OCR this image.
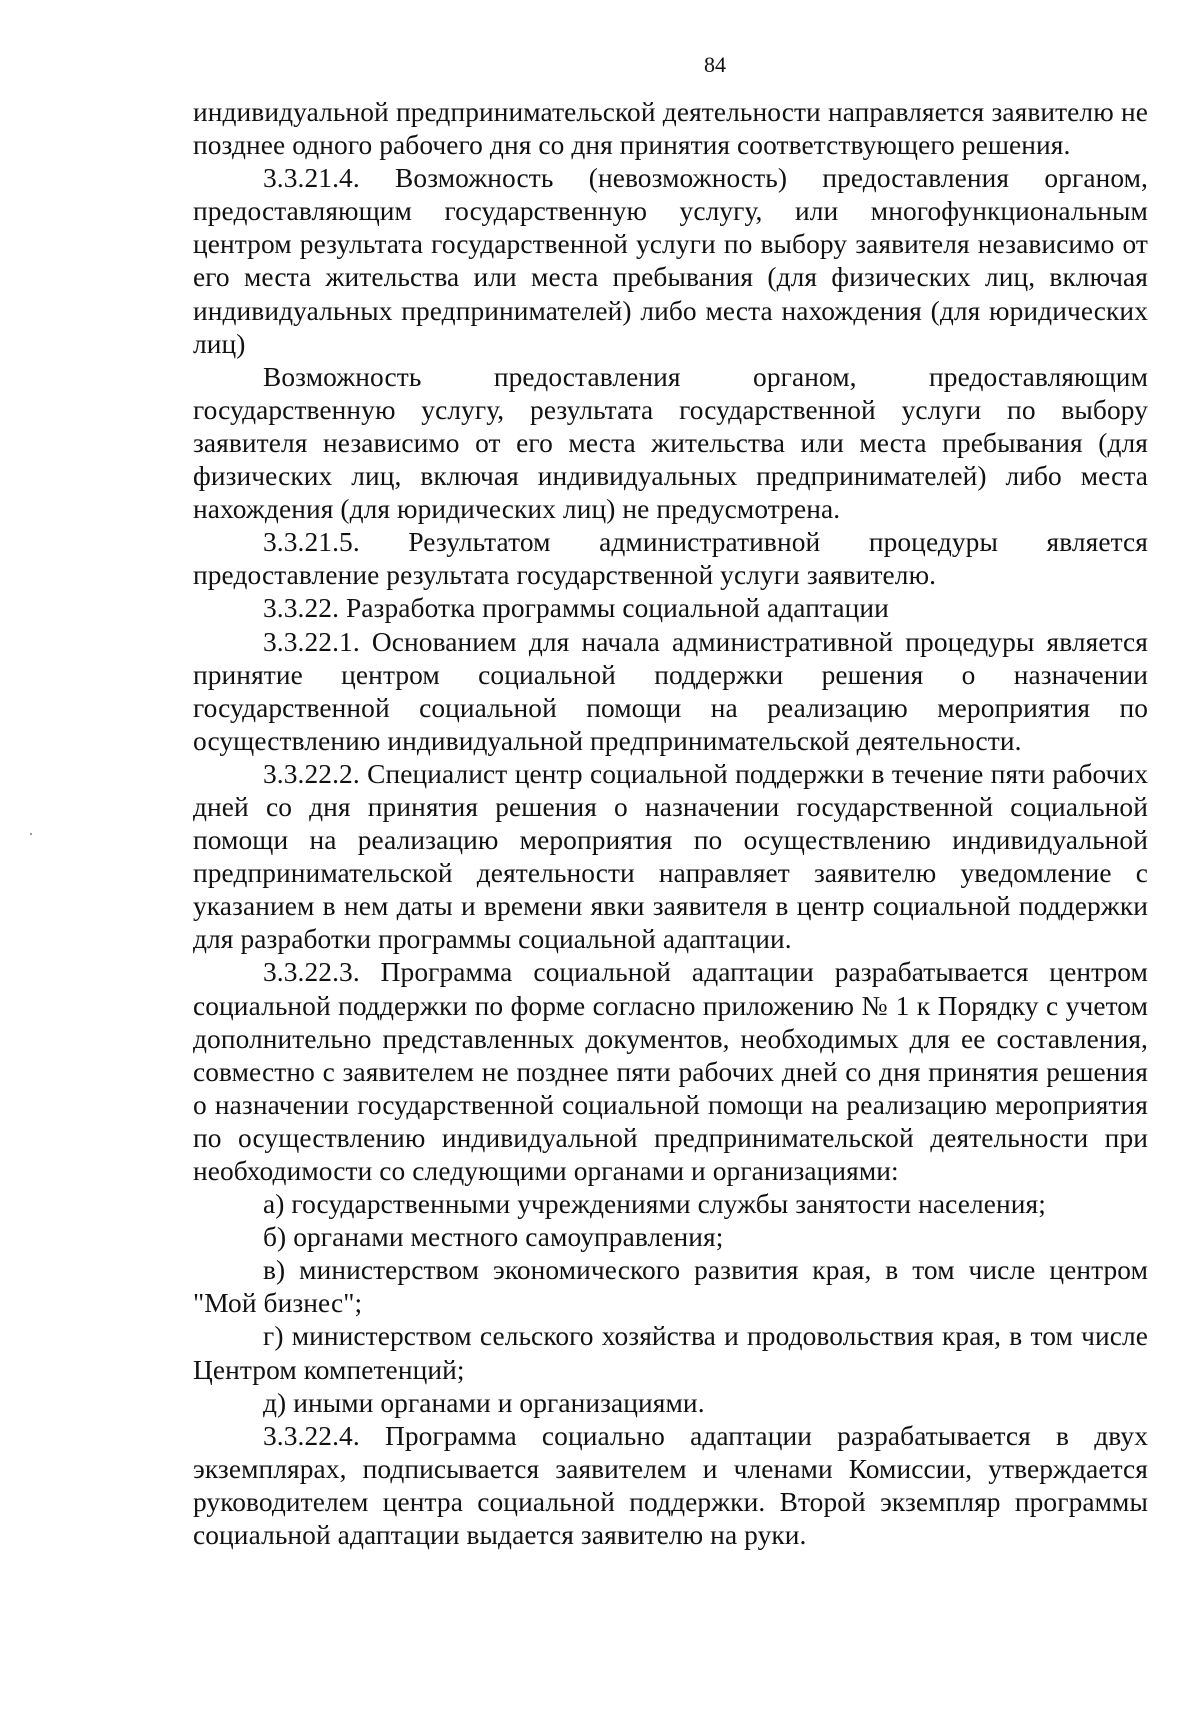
84

индивидуальной предпринимательской деятельности направляется заявителю не позднее одного рабочего дня со дня принятия соответствующего решения.

3.3.21.4. Возможность (невозможность) предоставления органом, предоставляющим государственную услугу, или многофункциональным центром результата государственной услуги по выбору заявителя независимо от его места жительства или места пребывания (для физических лиц, включая индивидуальных предпринимателей) либо места нахождения (для юридических лиц)

Возможность предоставления органом, предоставляющим государственную услугу, результата государственной услуги по выбору заявителя независимо от его места жительства или места пребывания (для физических лиц, включая индивидуальных предпринимателей) либо места нахождения (для юридических лиц) не предусмотрена.

3.3.21.5. Результатом административной процедуры является предоставление результата государственной услуги заявителю.

3.3.22. Разработка программы социальной адаптации

3.3.22.1. Основанием для начала административной процедуры является принятие центром социальной поддержки решения о назначении государственной социальной помощи на реализацию мероприятия по осуществлению индивидуальной предпринимательской деятельности.

3.3.22.2. Специалист центр социальной поддержки в течение пяти рабочих дней со дня принятия решения о назначении государственной социальной помощи на реализацию мероприятия по осуществлению индивидуальной предпринимательской деятельности направляет заявителю уведомление с указанием в нем даты и времени явки заявителя в центр социальной поддержки для разработки программы социальной адаптации.

3.3.22.3. Программа социальной адаптации разрабатывается центром социальной поддержки по форме согласно приложению № 1 к Порядку с учетом дополнительно представленных документов, необходимых для ее составления, совместно с заявителем не позднее пяти рабочих дней со дня принятия решения о назначении государственной социальной помощи на реализацию мероприятия по осуществлению индивидуальной предпринимательской деятельности при необходимости со следующими органами и организациями:

а) государственными учреждениями службы занятости населения;

б) органами местного самоуправления;

в) министерством экономического развития края, в том числе центром "Мой бизнес";

г) министерством сельского хозяйства и продовольствия края, в том числе Центром компетенций;

д) иными органами и организациями.

3.3.22.4. Программа социально адаптации разрабатывается в двух экземплярах, подписывается заявителем и членами Комиссии, утверждается руководителем центра социальной поддержки. Второй экземпляр программы социальной адаптации выдается заявителю на руки.
